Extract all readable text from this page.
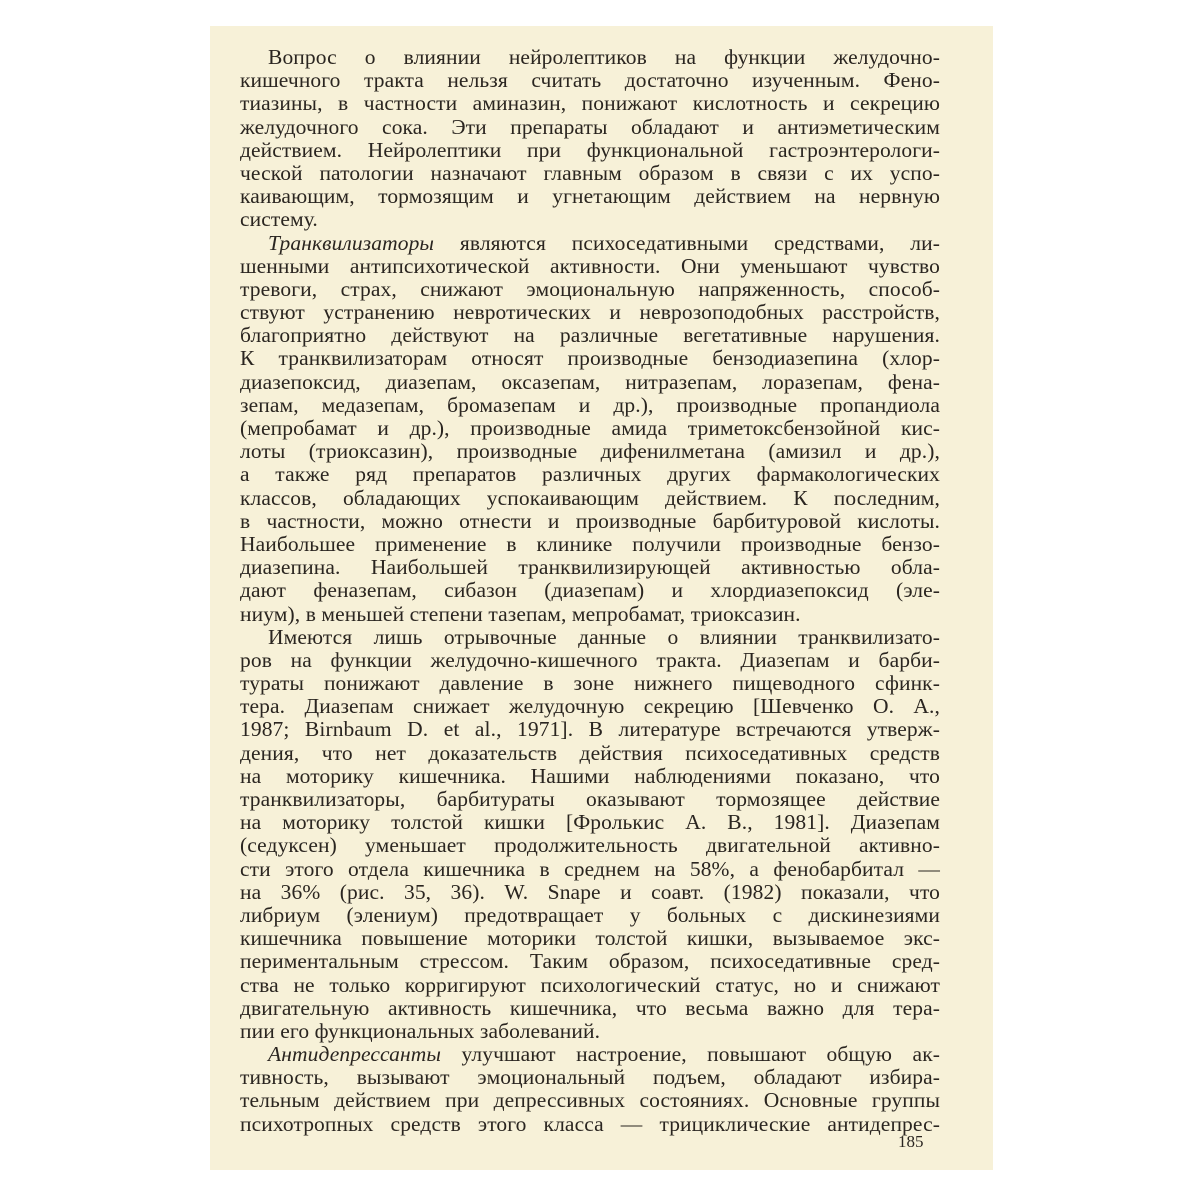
Вопрос о влиянии нейролептиков на функции желудочно-
кишечного тракта нельзя считать достаточно изученным. Фено-
тиазины, в частности аминазин, понижают кислотность и секрецию
желудочного сока. Эти препараты обладают и антиэметическим
действием. Нейролептики при функциональной гастроэнтерологи-
ческой патологии назначают главным образом в связи с их успо-
каивающим, тормозящим и угнетающим действием на нервную
систему.
Транквилизаторы являются психоседативными средствами, ли-
шенными антипсихотической активности. Они уменьшают чувство
тревоги, страх, снижают эмоциональную напряженность, способ-
ствуют устранению невротических и неврозоподобных расстройств,
благоприятно действуют на различные вегетативные нарушения.
К транквилизаторам относят производные бензодиазепина (хлор-
диазепоксид, диазепам, оксазепам, нитразепам, лоразепам, фена-
зепам, медазепам, бромазепам и др.), производные пропандиола
(мепробамат и др.), производные амида триметоксбензойной кис-
лоты (триоксазин), производные дифенилметана (амизил и др.),
а также ряд препаратов различных других фармакологических
классов, обладающих успокаивающим действием. К последним,
в частности, можно отнести и производные барбитуровой кислоты.
Наибольшее применение в клинике получили производные бензо-
диазепина. Наибольшей транквилизирующей активностью обла-
дают феназепам, сибазон (диазепам) и хлордиазепоксид (эле-
ниум), в меньшей степени тазепам, мепробамат, триоксазин.
Имеются лишь отрывочные данные о влиянии транквилизато-
ров на функции желудочно-кишечного тракта. Диазепам и барби-
тураты понижают давление в зоне нижнего пищеводного сфинк-
тера. Диазепам снижает желудочную секрецию [Шевченко О. А.,
1987; Birnbaum D. et al., 1971]. В литературе встречаются утверж-
дения, что нет доказательств действия психоседативных средств
на моторику кишечника. Нашими наблюдениями показано, что
транквилизаторы, барбитураты оказывают тормозящее действие
на моторику толстой кишки [Фролькис А. В., 1981]. Диазепам
(седуксен) уменьшает продолжительность двигательной активно-
сти этого отдела кишечника в среднем на 58%, а фенобарбитал —
на 36% (рис. 35, 36). W. Snape и соавт. (1982) показали, что
либриум (элениум) предотвращает у больных с дискинезиями
кишечника повышение моторики толстой кишки, вызываемое экс-
периментальным стрессом. Таким образом, психоседативные сред-
ства не только корригируют психологический статус, но и снижают
двигательную активность кишечника, что весьма важно для тера-
пии его функциональных заболеваний.
Антидепрессанты улучшают настроение, повышают общую ак-
тивность, вызывают эмоциональный подъем, обладают избира-
тельным действием при депрессивных состояниях. Основные группы
психотропных средств этого класса — трициклические антидепрес-
185
